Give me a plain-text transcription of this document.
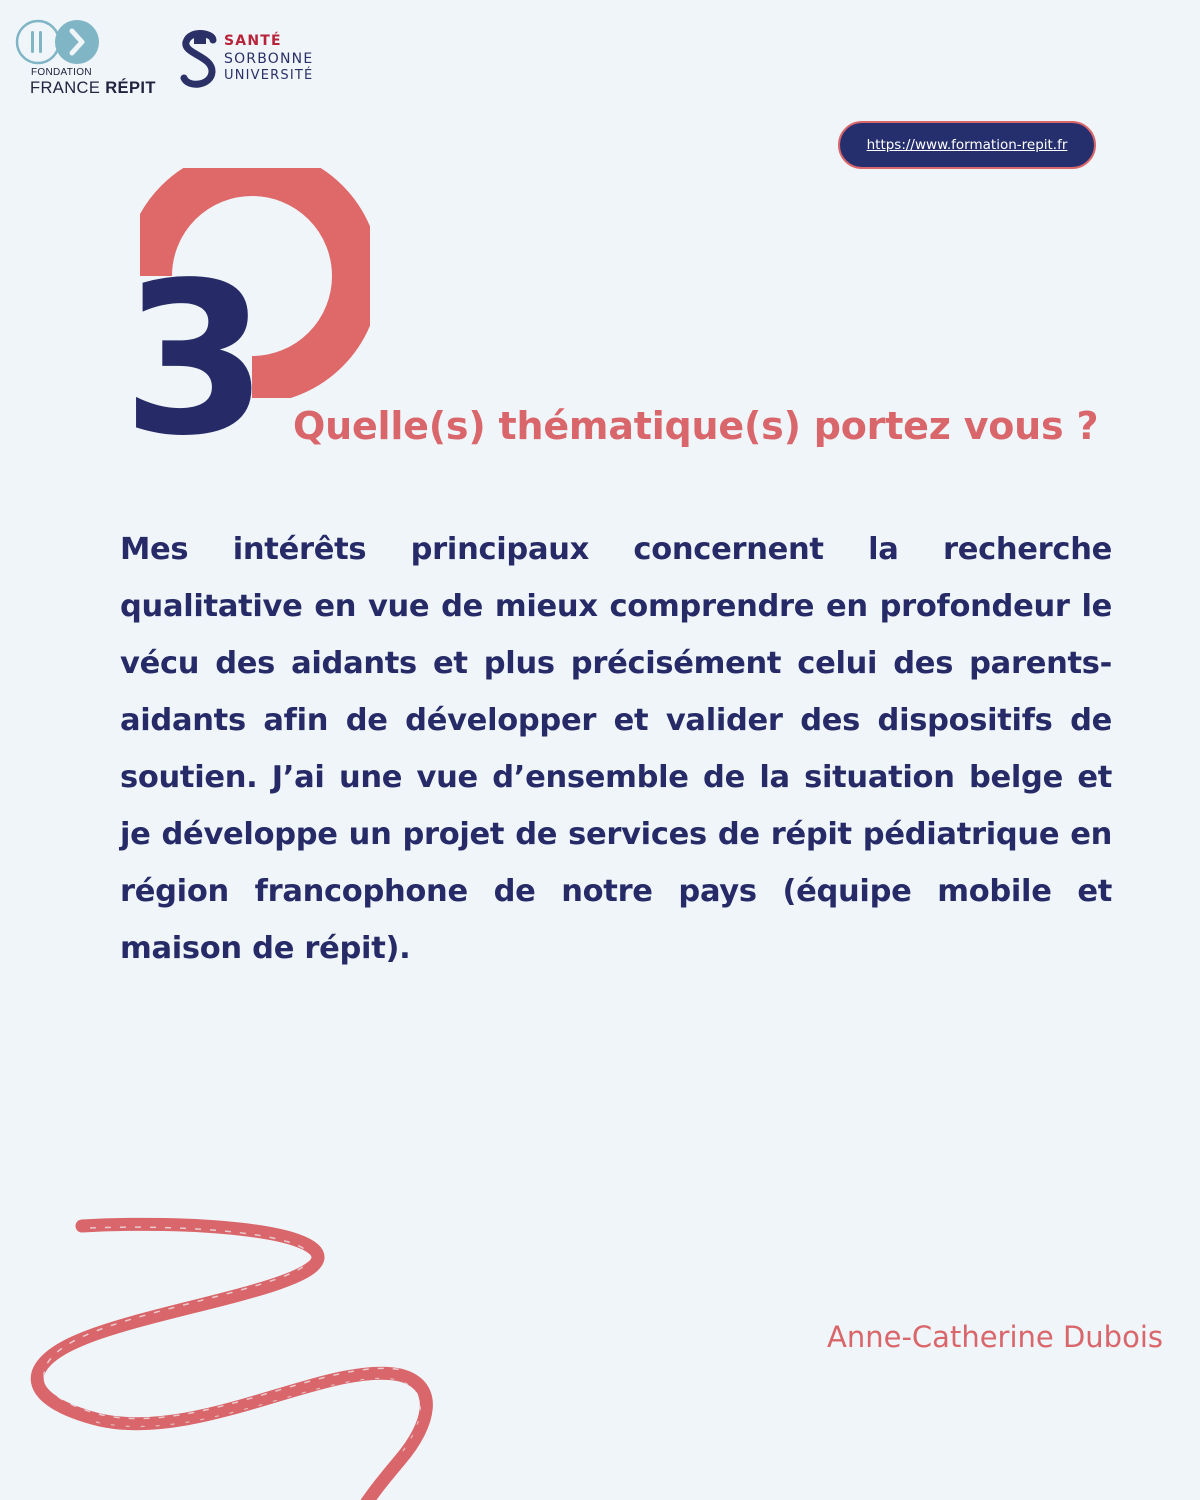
FONDATION
FRANCE RÉPIT
SANTÉ
SORBONNE
UNIVERSITÉ
https://www.formation-repit.fr
3 Quelle(s) thématique(s) portez vous ?

Mes intérêts principaux concernent la recherche qualitative en vue de mieux comprendre en profondeur le vécu des aidants et plus précisément celui des parents-aidants afin de développer et valider des dispositifs de soutien. J’ai une vue d’ensemble de la situation belge et je développe un projet de services de répit pédiatrique en région francophone de notre pays (équipe mobile et maison de répit).

Anne-Catherine Dubois
